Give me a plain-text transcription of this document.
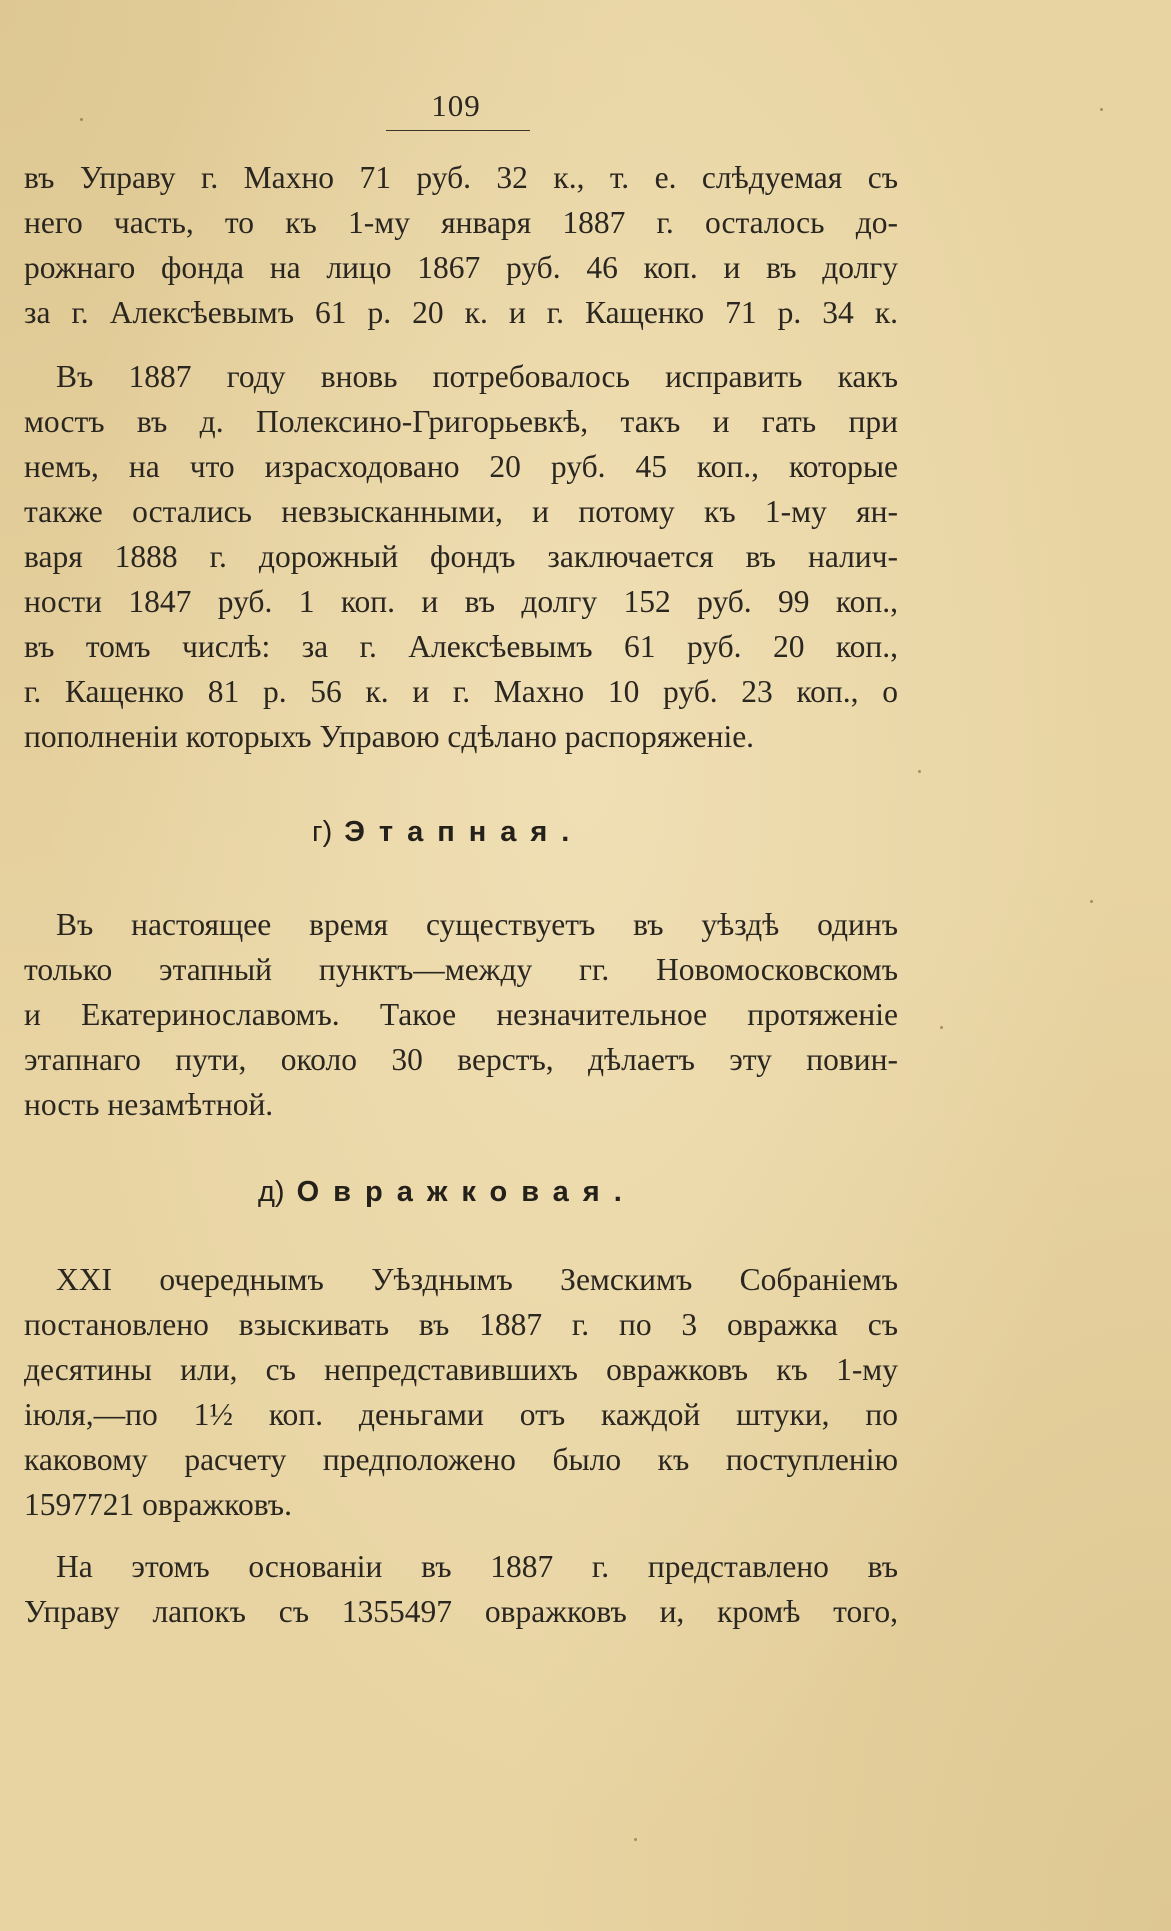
109
въ Управу г. Махно 71 руб. 32 к., т. е. слѣдуемая съ
него часть, то къ 1-му января 1887 г. осталось до-
рожнаго фонда на лицо 1867 руб. 46 коп. и въ долгу
за г. Алексѣевымъ 61 р. 20 к. и г. Кащенко 71 р. 34 к.
Въ 1887 году вновь потребовалось исправить какъ
мостъ въ д. Полексино-Григорьевкѣ, такъ и гать при
немъ, на что израсходовано 20 руб. 45 коп., которые
также остались невзысканными, и потому къ 1-му ян-
варя 1888 г. дорожный фондъ заключается въ налич-
ности 1847 руб. 1 коп. и въ долгу 152 руб. 99 коп.,
въ томъ числѣ: за г. Алексѣевымъ 61 руб. 20 коп.,
г. Кащенко 81 р. 56 к. и г. Махно 10 руб. 23 коп., о
пополненіи которыхъ Управою сдѣлано распоряженіе.
г) Этапная.
Въ настоящее время существуетъ въ уѣздѣ одинъ
только этапный пунктъ—между гг. Новомосковскомъ
и Екатеринославомъ. Такое незначительное протяженіе
этапнаго пути, около 30 верстъ, дѣлаетъ эту повин-
ность незамѣтной.
д) Овражковая.
XXI очереднымъ Уѣзднымъ Земскимъ Собраніемъ
постановлено взыскивать въ 1887 г. по 3 овражка съ
десятины или, съ непредставившихъ овражковъ къ 1-му
іюля,—по 1½ коп. деньгами отъ каждой штуки, по
каковому расчету предположено было къ поступленію
1597721 овражковъ.
На этомъ основаніи въ 1887 г. представлено въ
Управу лапокъ съ 1355497 овражковъ и, кромѣ того,
